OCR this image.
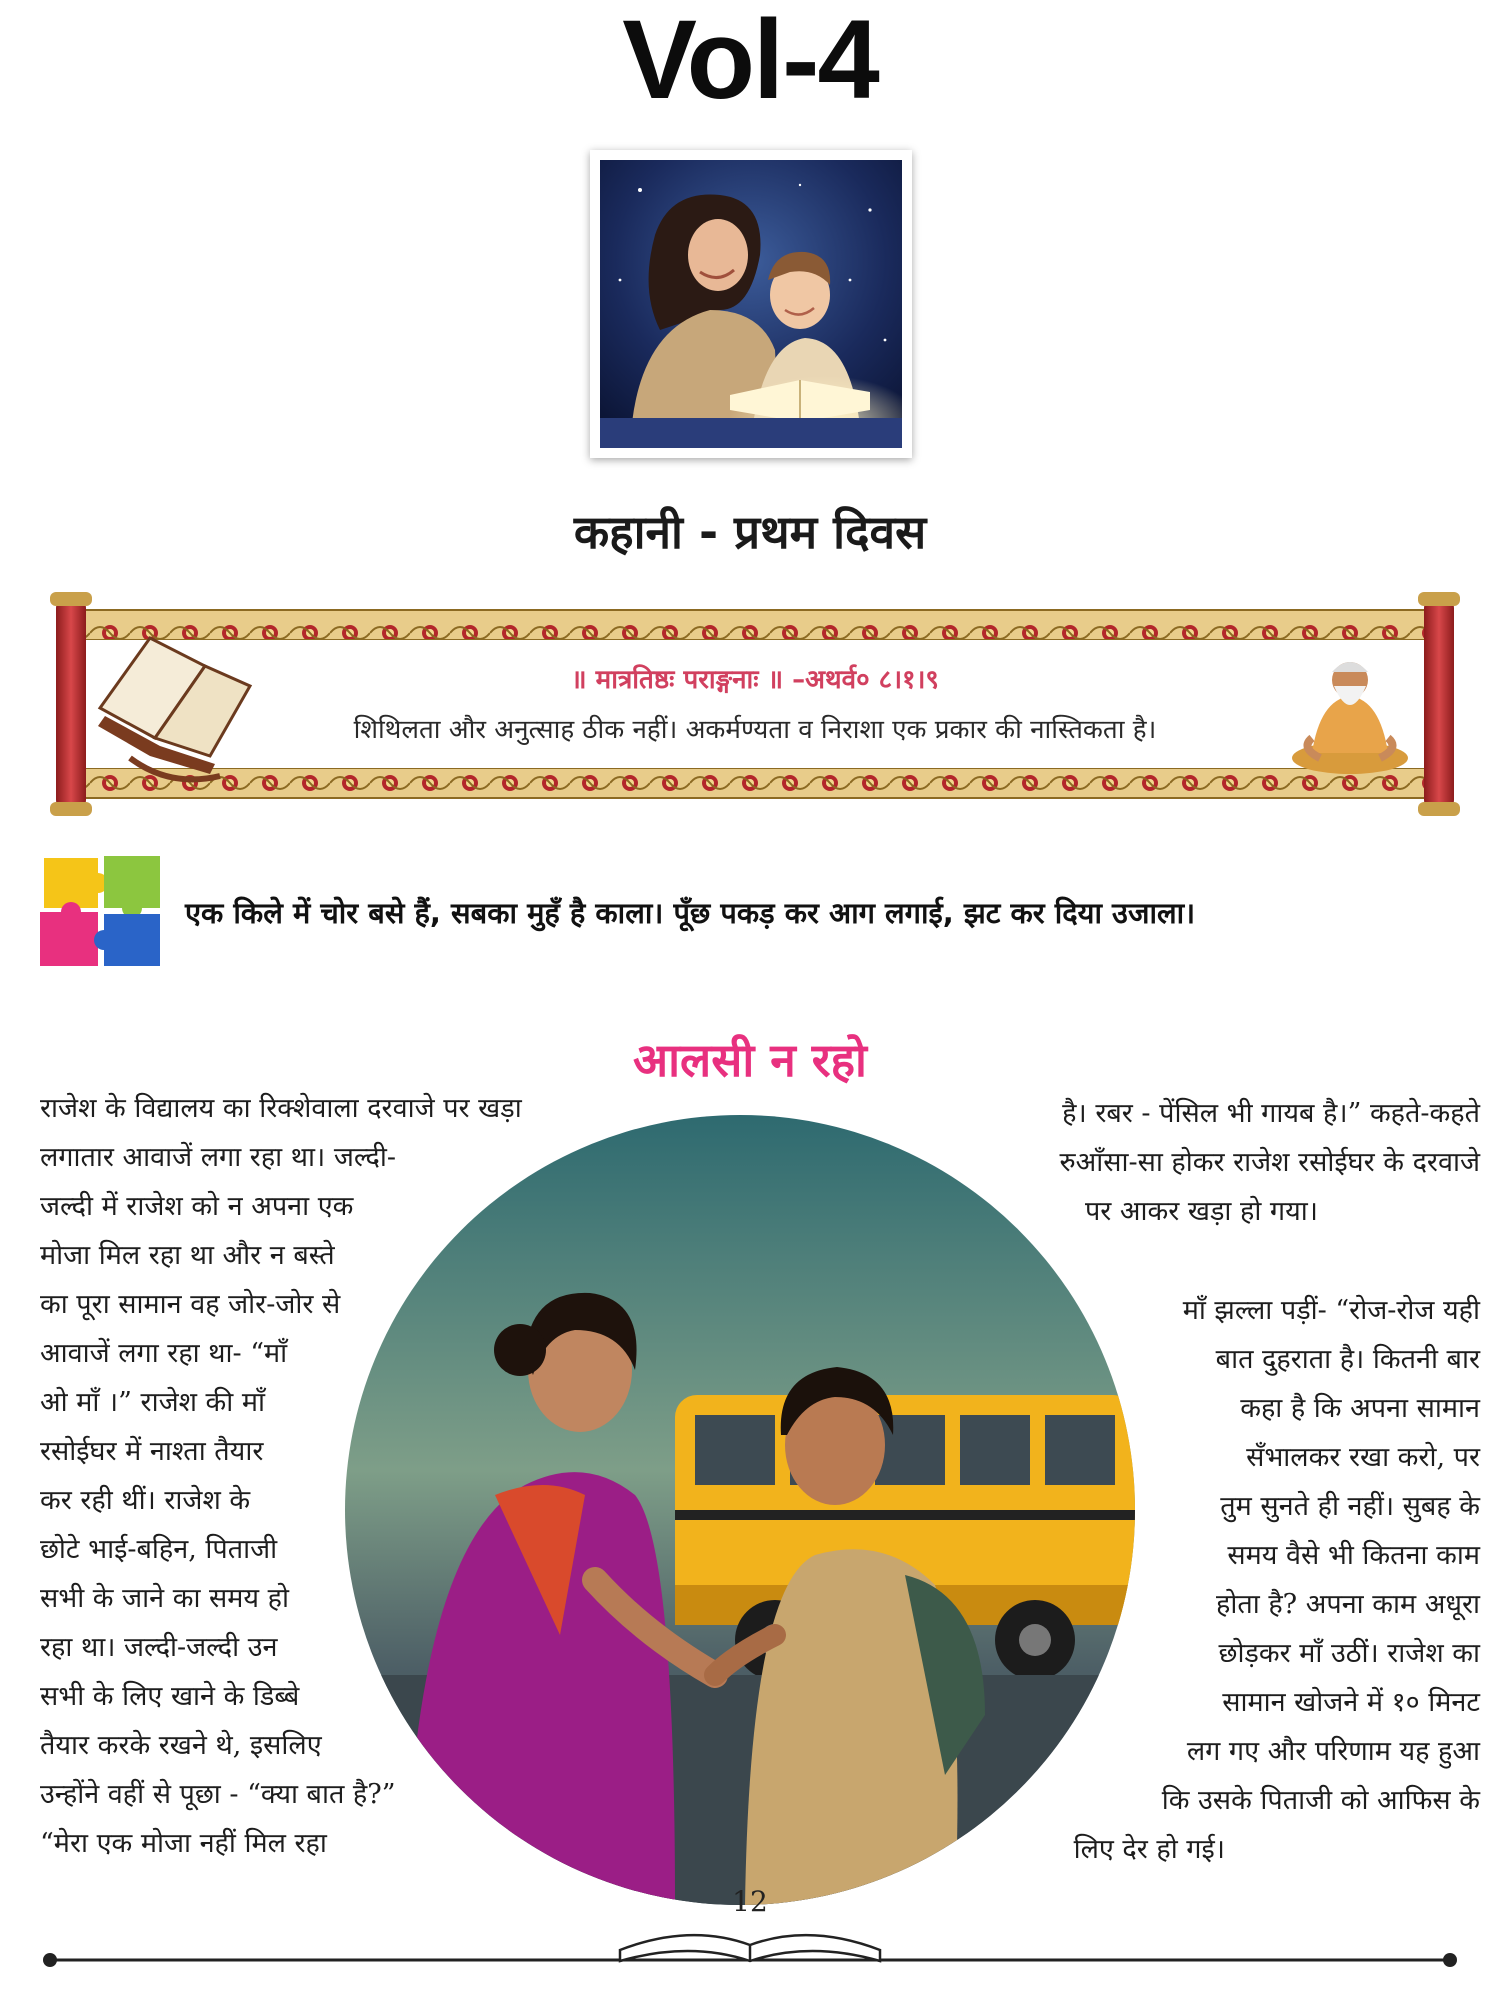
Vol-4
कहानी - प्रथम दिवस
॥ मात्रतिष्ठः पराङ्गनाः ॥ –अथर्व० ८।१।९
शिथिलता और अनुत्साह ठीक नहीं। अकर्मण्यता व निराशा एक प्रकार की नास्तिकता है।
एक किले में चोर बसे हैं, सबका मुहँ है काला। पूँछ पकड़ कर आग लगाई, झट कर दिया उजाला।
आलसी न रहो
राजेश के विद्यालय का रिक्शेवाला दरवाजे पर खड़ा
लगातार आवाजें लगा रहा था। जल्दी-
जल्दी में राजेश को न अपना एक
मोजा मिल रहा था और न बस्ते
का पूरा सामान वह जोर-जोर से
आवाजें लगा रहा था- “माँ
ओ माँ ।” राजेश की माँ
रसोईघर में नाश्ता तैयार
कर रही थीं। राजेश के
छोटे भाई-बहिन, पिताजी
सभी के जाने का समय हो
रहा था। जल्दी-जल्दी उन
सभी के लिए खाने के डिब्बे
तैयार करके रखने थे, इसलिए
उन्होंने वहीं से पूछा - “क्या बात है?”
“मेरा एक मोजा नहीं मिल रहा
है। रबर - पेंसिल भी गायब है।” कहते-कहते
रुआँसा-सा होकर राजेश रसोईघर के दरवाजे
पर आकर खड़ा हो गया।
माँ झल्ला पड़ीं- “रोज-रोज यही
बात दुहराता है। कितनी बार
कहा है कि अपना सामान
सँभालकर रखा करो, पर
तुम सुनते ही नहीं। सुबह के
समय वैसे भी कितना काम
होता है? अपना काम अधूरा
छोड़कर माँ उठीं। राजेश का
सामान खोजने में १० मिनट
लग गए और परिणाम यह हुआ
कि उसके पिताजी को आफिस के
लिए देर हो गई।
12
